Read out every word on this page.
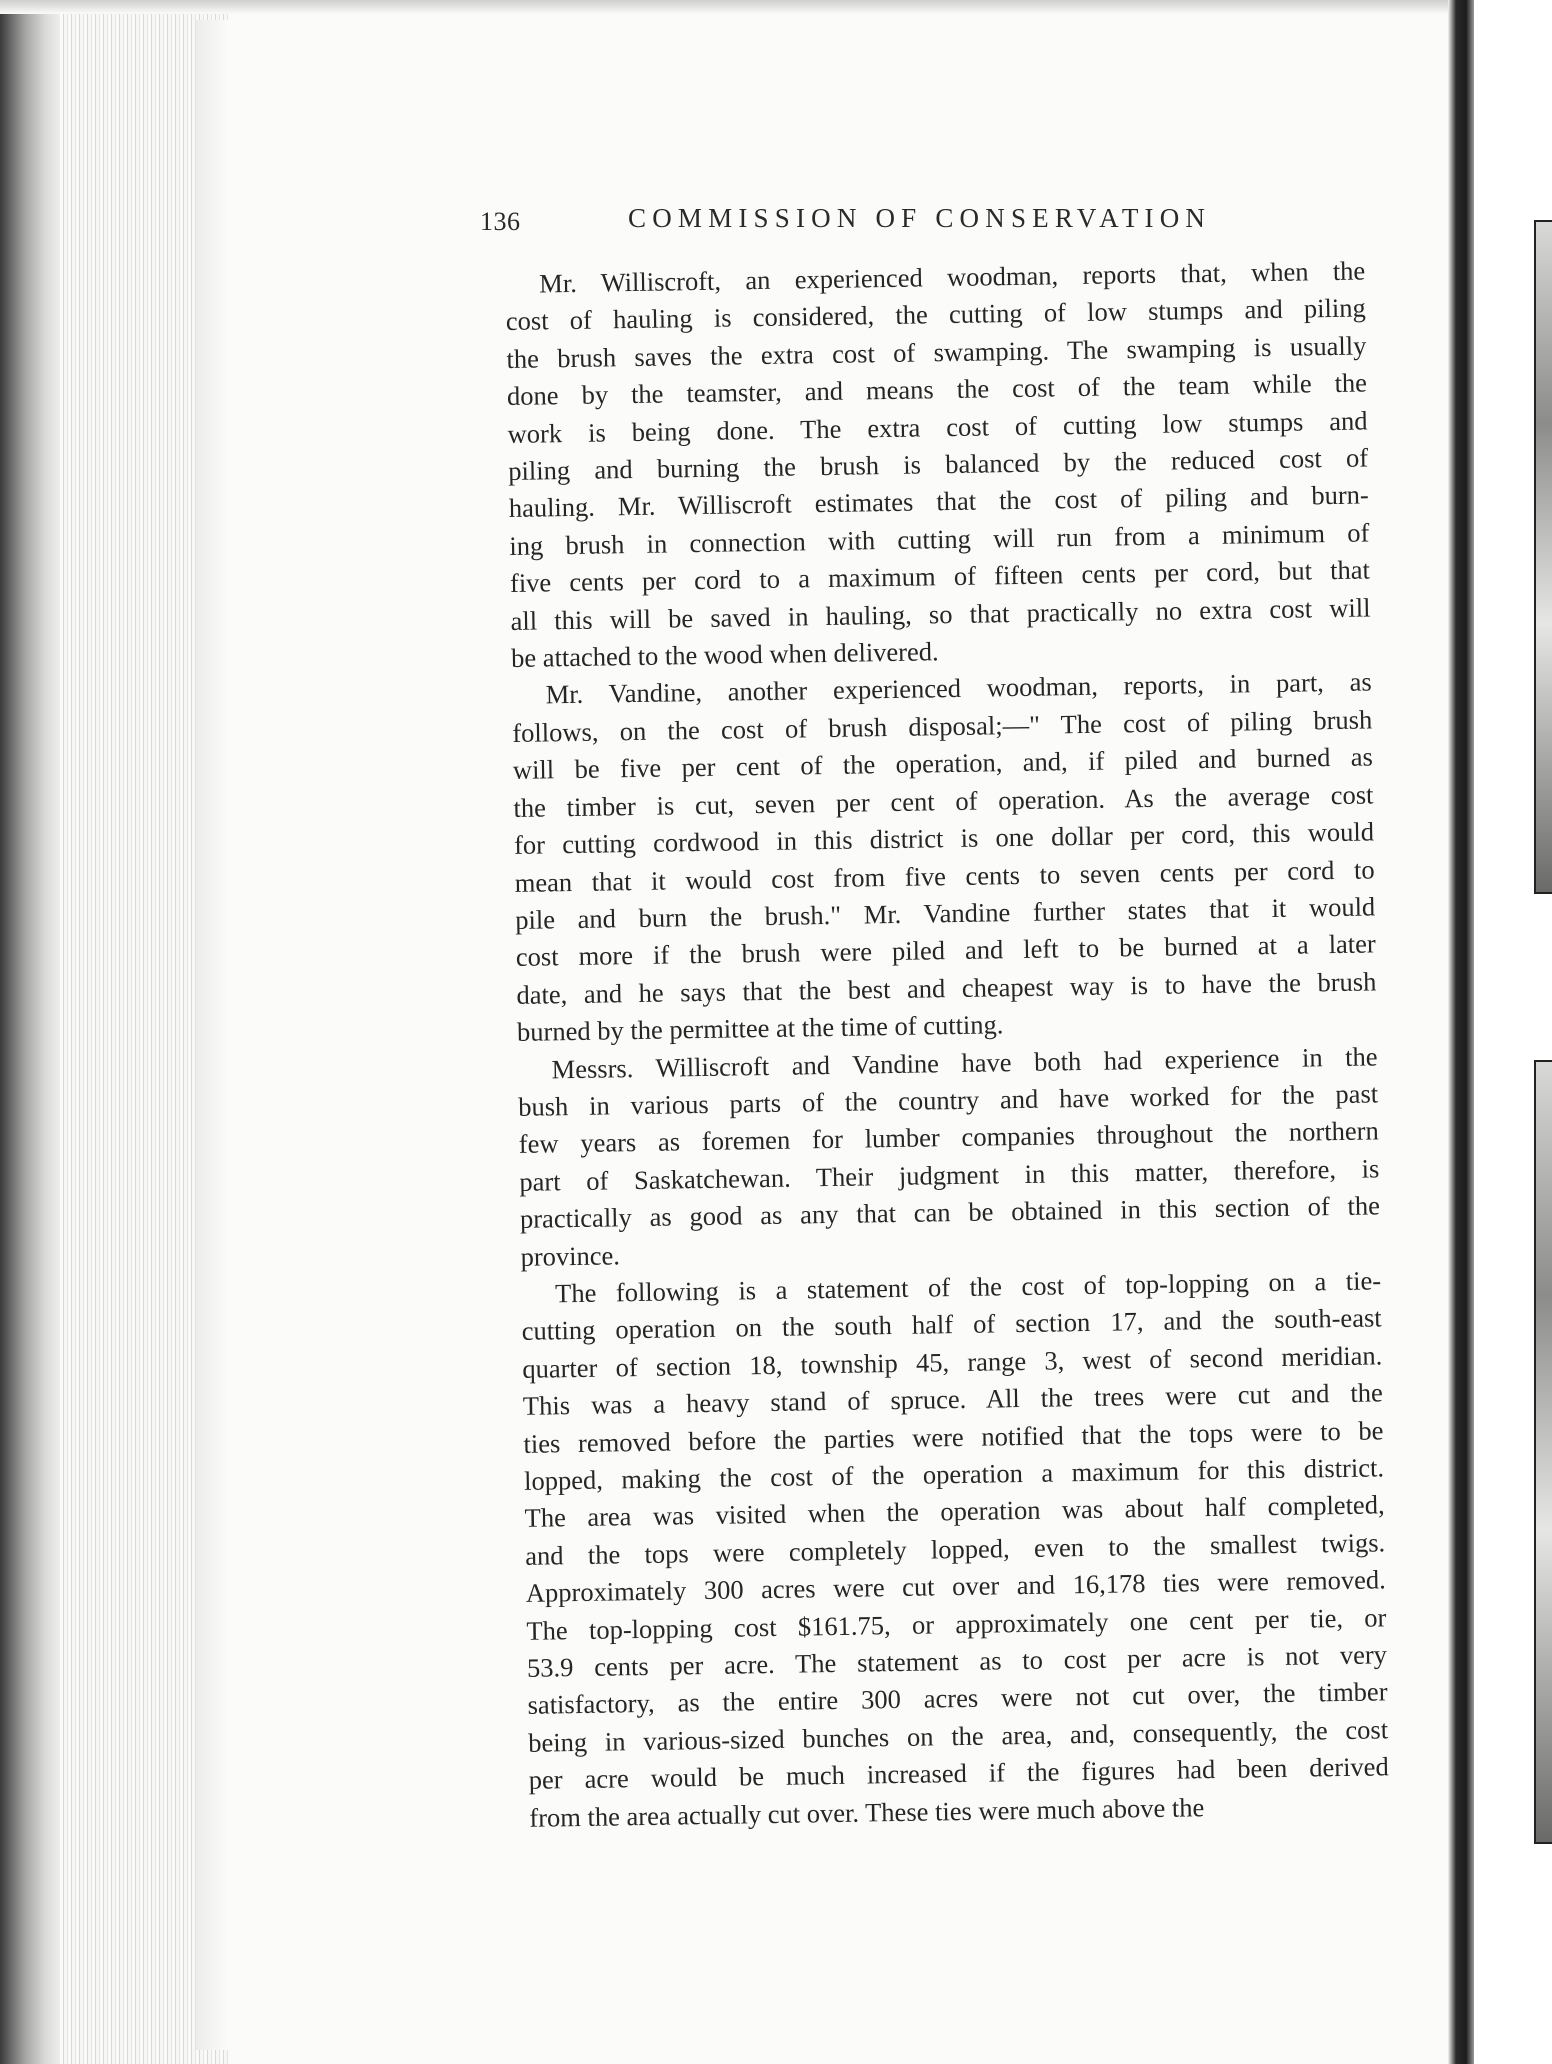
136	COMMISSION OF CONSERVATION
Mr. Williscroft, an experienced woodman, reports that, when the
cost of hauling is considered, the cutting of low stumps and piling
the brush saves the extra cost of swamping. The swamping is usually
done by the teamster, and means the cost of the team while the
work is being done. The extra cost of cutting low stumps and
piling and burning the brush is balanced by the reduced cost of
hauling. Mr. Williscroft estimates that the cost of piling and burn-
ing brush in connection with cutting will run from a minimum of
five cents per cord to a maximum of fifteen cents per cord, but that
all this will be saved in hauling, so that practically no extra cost will
be attached to the wood when delivered.
Mr. Vandine, another experienced woodman, reports, in part, as
follows, on the cost of brush disposal;—" The cost of piling brush
will be five per cent of the operation, and, if piled and burned as
the timber is cut, seven per cent of operation. As the average cost
for cutting cordwood in this district is one dollar per cord, this would
mean that it would cost from five cents to seven cents per cord to
pile and burn the brush." Mr. Vandine further states that it would
cost more if the brush were piled and left to be burned at a later
date, and he says that the best and cheapest way is to have the brush
burned by the permittee at the time of cutting.
Messrs. Williscroft and Vandine have both had experience in the
bush in various parts of the country and have worked for the past
few years as foremen for lumber companies throughout the northern
part of Saskatchewan. Their judgment in this matter, therefore, is
practically as good as any that can be obtained in this section of the
province.
The following is a statement of the cost of top-lopping on a tie-
cutting operation on the south half of section 17, and the south-east
quarter of section 18, township 45, range 3, west of second meridian.
This was a heavy stand of spruce. All the trees were cut and the
ties removed before the parties were notified that the tops were to be
lopped, making the cost of the operation a maximum for this district.
The area was visited when the operation was about half completed,
and the tops were completely lopped, even to the smallest twigs.
Approximately 300 acres were cut over and 16,178 ties were removed.
The top-lopping cost $161.75, or approximately one cent per tie, or
53.9 cents per acre. The statement as to cost per acre is not very
satisfactory, as the entire 300 acres were not cut over, the timber
being in various-sized bunches on the area, and, consequently, the cost
per acre would be much increased if the figures had been derived
from the area actually cut over. These ties were much above the
